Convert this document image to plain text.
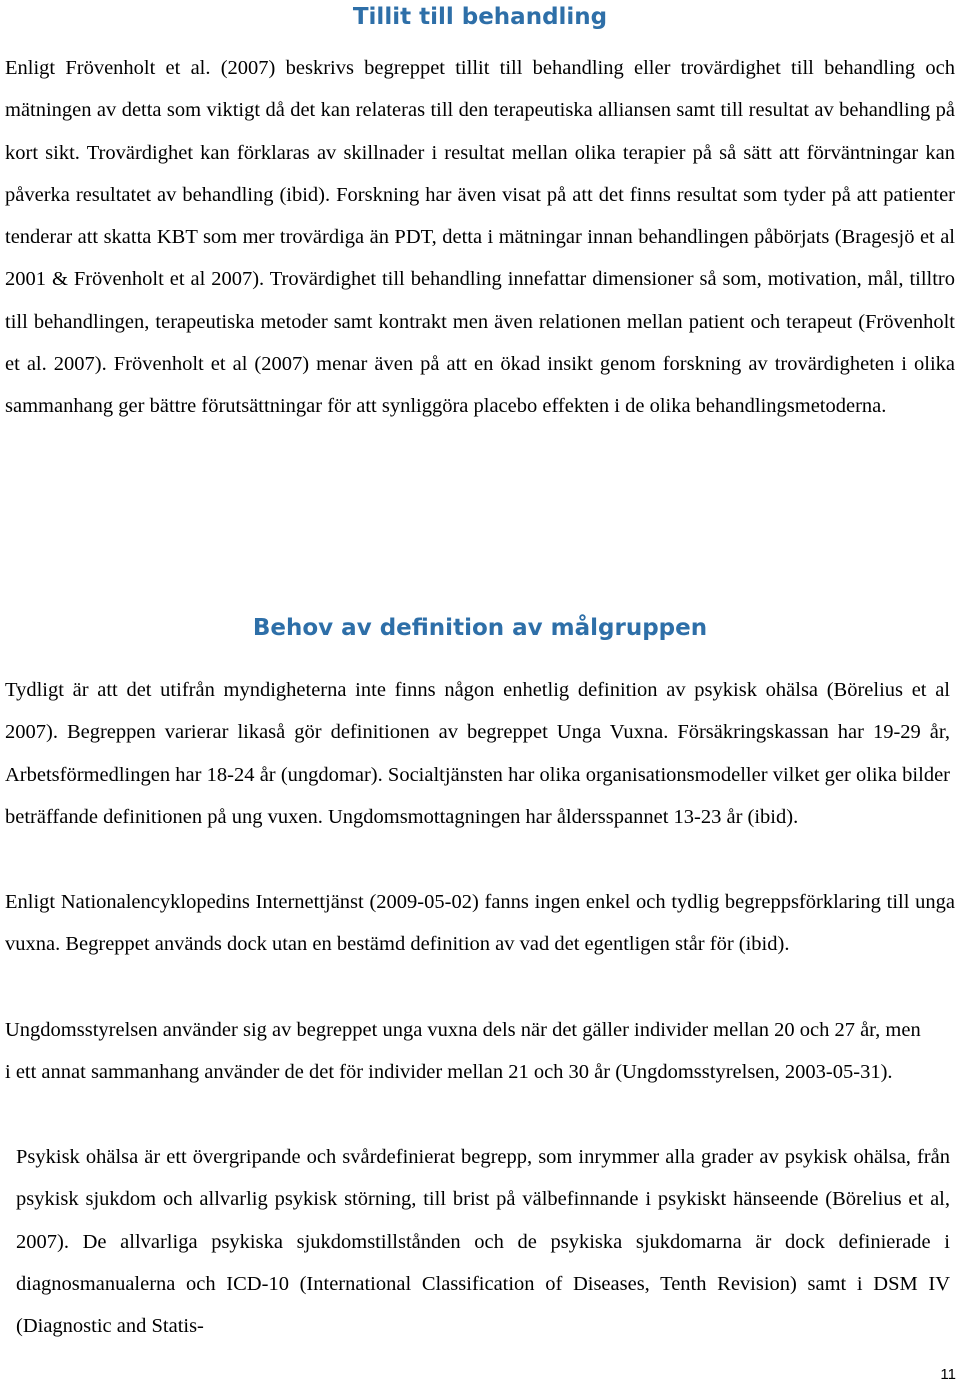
Tillit till behandling

Enligt Frövenholt et al. (2007) beskrivs begreppet tillit till behandling eller trovärdighet till behandling och mätningen av detta som viktigt då det kan relateras till den terapeutiska alliansen samt till resultat av behandling på kort sikt. Trovärdighet kan förklaras av skillnader i resultat mellan olika terapier på så sätt att förväntningar kan påverka resultatet av behandling (ibid). Forskning har även visat på att det finns resultat som tyder på att patienter tenderar att skatta KBT som mer trovärdiga än PDT, detta i mätningar innan behandlingen påbörjats (Bragesjö et al 2001 & Frövenholt et al 2007). Trovärdighet till behandling innefattar dimensioner så som, motivation, mål, tilltro till behandlingen, terapeutiska metoder samt kontrakt men även relationen mellan patient och terapeut (Frövenholt et al. 2007). Frövenholt et al (2007) menar även på att en ökad insikt genom forskning av trovärdigheten i olika sammanhang ger bättre förutsättningar för att synliggöra placebo effekten i de olika behandlingsmetoderna.

Behov av definition av målgruppen

Tydligt är att det utifrån myndigheterna inte finns någon enhetlig definition av psykisk ohälsa (Börelius et al 2007). Begreppen varierar likaså gör definitionen av begreppet Unga Vuxna. Försäkringskassan har 19-29 år, Arbetsförmedlingen har 18-24 år (ungdomar). Socialtjänsten har olika organisationsmodeller vilket ger olika bilder beträffande definitionen på ung vuxen. Ungdomsmottagningen har åldersspannet 13-23 år (ibid).

Enligt Nationalencyklopedins Internettjänst (2009-05-02) fanns ingen enkel och tydlig begreppsförklaring till unga vuxna. Begreppet används dock utan en bestämd definition av vad det egentligen står för (ibid).

Ungdomsstyrelsen använder sig av begreppet unga vuxna dels när det gäller individer mellan 20 och 27 år, men i ett annat sammanhang använder de det för individer mellan 21 och 30 år (Ungdomsstyrelsen, 2003-05-31).

Psykisk ohälsa är ett övergripande och svårdefinierat begrepp, som inrymmer alla grader av psykisk ohälsa, från psykisk sjukdom och allvarlig psykisk störning, till brist på välbefinnande i psykiskt hänseende (Börelius et al, 2007). De allvarliga psykiska sjukdomstillstånden och de psykiska sjukdomarna är dock definierade i diagnosmanualerna och ICD-10 (International Classification of Diseases, Tenth Revision) samt i DSM IV (Diagnostic and Statis-

11
